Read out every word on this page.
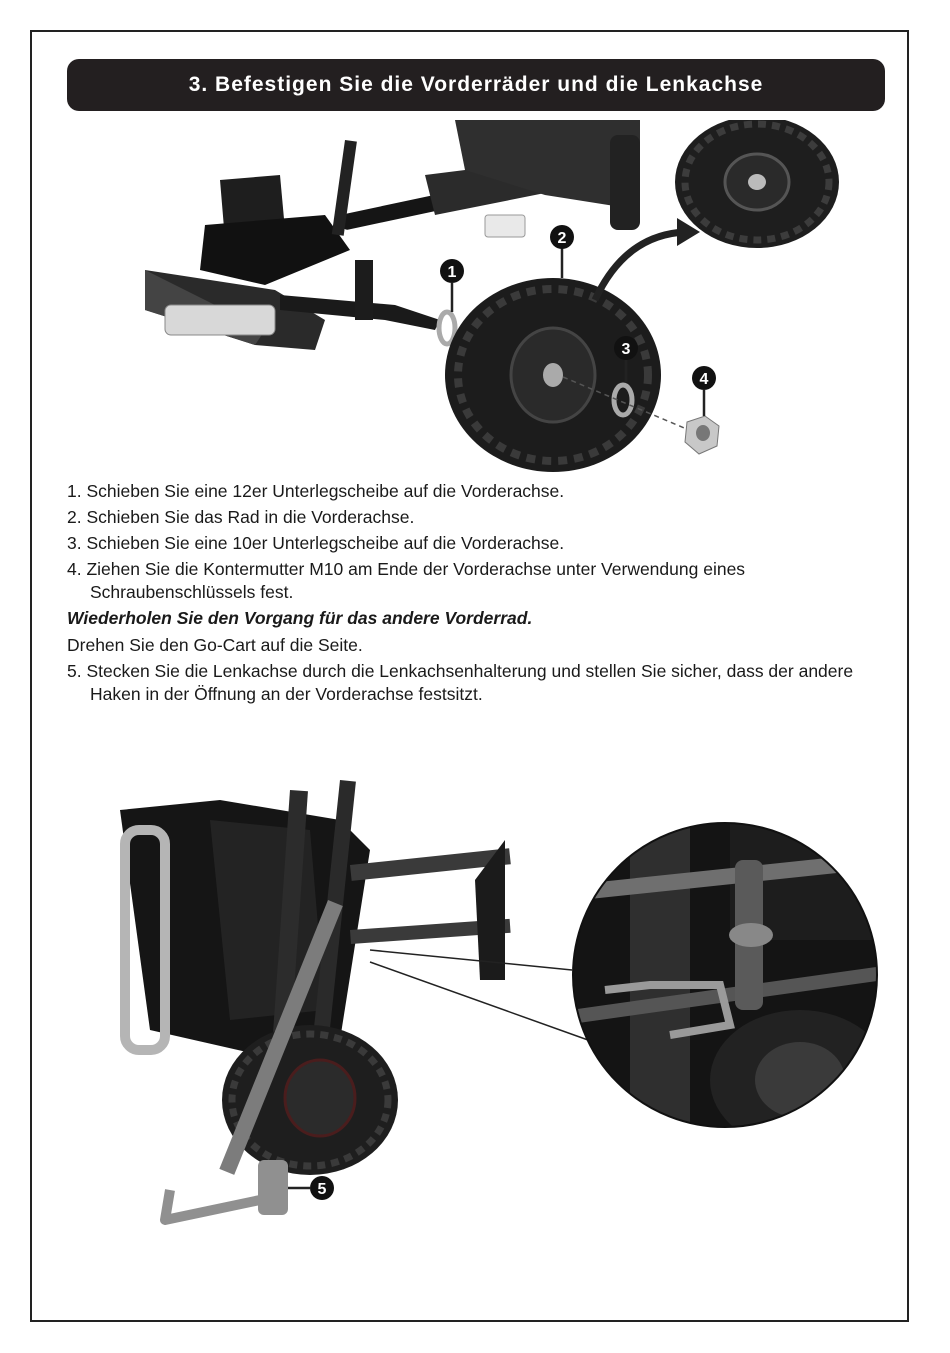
3. Befestigen Sie die Vorderräder und die Lenkachse
1
2
3
4

1. Schieben Sie eine 12er Unterlegscheibe auf die Vorderachse.

2. Schieben Sie das Rad in die Vorderachse.

3. Schieben Sie eine 10er Unterlegscheibe auf die Vorderachse.

4. Ziehen Sie die Kontermutter M10 am Ende der Vorderachse unter Verwendung eines Schraubenschlüssels fest.

Wiederholen Sie den Vorgang für das andere Vorderrad.

Drehen Sie den Go-Cart auf die Seite.

5. Stecken Sie die Lenkachse durch die Lenkachsenhalterung und stellen Sie sicher, dass der andere Haken in der Öffnung an der Vorderachse festsitzt.

5
